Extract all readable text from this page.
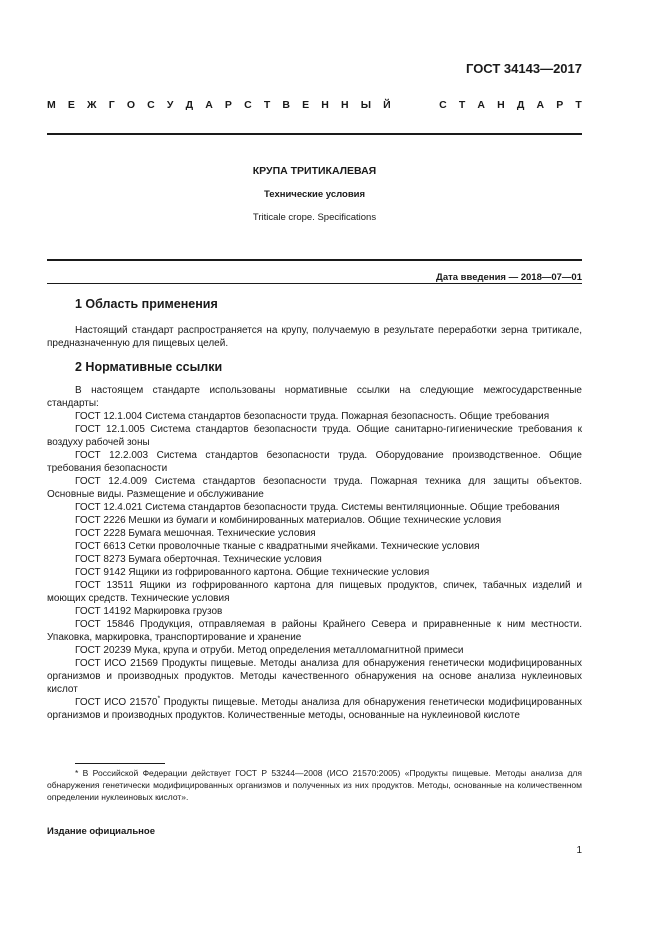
ГОСТ 34143—2017
М Е Ж Г О С У Д А Р С Т В Е Н Н Ы Й	С Т А Н Д А Р Т
КРУПА ТРИТИКАЛЕВАЯ
Технические условия
Triticale crope. Specifications
Дата введения — 2018—07—01
1 Область применения
Настоящий стандарт распространяется на крупу, получаемую в результате переработки зерна тритикале, предназначенную для пищевых целей.
2 Нормативные ссылки
В настоящем стандарте использованы нормативные ссылки на следующие межгосударственные стандарты:
ГОСТ 12.1.004 Система стандартов безопасности труда. Пожарная безопасность. Общие требования
ГОСТ 12.1.005 Система стандартов безопасности труда. Общие санитарно-гигиенические требования к воздуху рабочей зоны
ГОСТ 12.2.003 Система стандартов безопасности труда. Оборудование производственное. Общие требования безопасности
ГОСТ 12.4.009 Система стандартов безопасности труда. Пожарная техника для защиты объектов. Основные виды. Размещение и обслуживание
ГОСТ 12.4.021 Система стандартов безопасности труда. Системы вентиляционные. Общие требования
ГОСТ 2226 Мешки из бумаги и комбинированных материалов. Общие технические условия
ГОСТ 2228 Бумага мешочная. Технические условия
ГОСТ 6613 Сетки проволочные тканые с квадратными ячейками. Технические условия
ГОСТ 8273 Бумага оберточная. Технические условия
ГОСТ 9142 Ящики из гофрированного картона. Общие технические условия
ГОСТ 13511 Ящики из гофрированного картона для пищевых продуктов, спичек, табачных изделий и моющих средств. Технические условия
ГОСТ 14192 Маркировка грузов
ГОСТ 15846 Продукция, отправляемая в районы Крайнего Севера и приравненные к ним местности. Упаковка, маркировка, транспортирование и хранение
ГОСТ 20239 Мука, крупа и отруби. Метод определения металломагнитной примеси
ГОСТ ИСО 21569 Продукты пищевые. Методы анализа для обнаружения генетически модифицированных организмов и производных продуктов. Методы качественного обнаружения на основе анализа нуклеиновых кислот
ГОСТ ИСО 21570* Продукты пищевые. Методы анализа для обнаружения генетически модифицированных организмов и производных продуктов. Количественные методы, основанные на нуклеиновой кислоте
* В Российской Федерации действует ГОСТ Р 53244—2008 (ИСО 21570:2005) «Продукты пищевые. Методы анализа для обнаружения генетически модифицированных организмов и полученных из них продуктов. Методы, основанные на количественном определении нуклеиновых кислот».
Издание официальное
1
